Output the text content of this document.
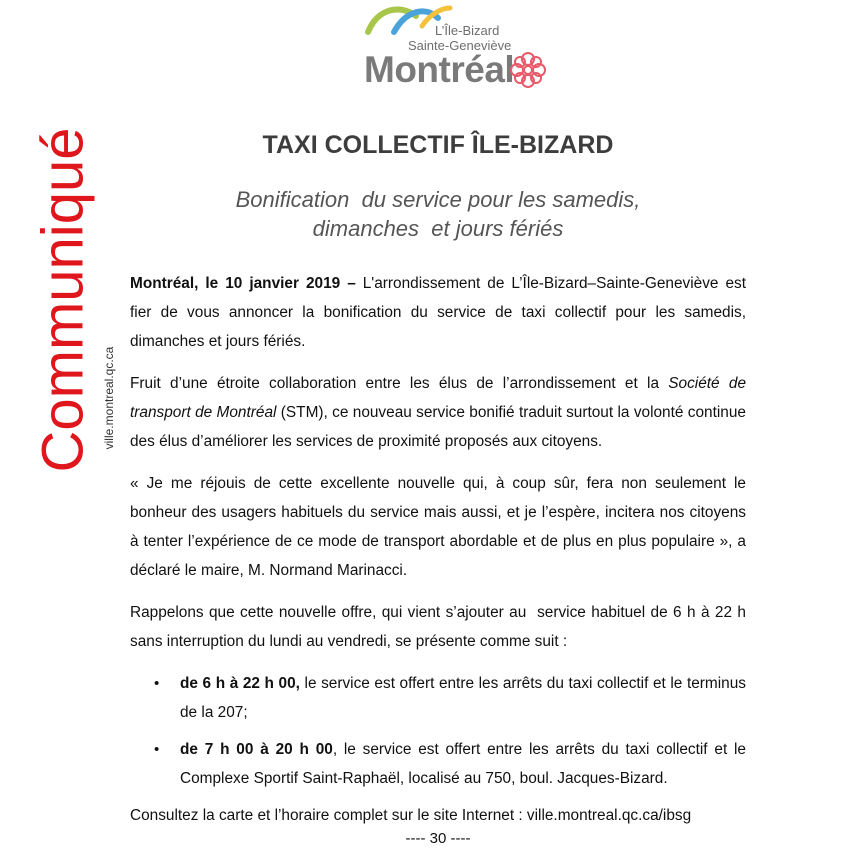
L’Île-Bizard
Sainte-Geneviève
Montréal
Communiqué ville.montreal.qc.ca
TAXI COLLECTIF ÎLE-BIZARD
Bonification  du service pour les samedis,
dimanches  et jours fériés

Montréal, le 10 janvier 2019 – L'arrondissement de L’Île-Bizard–Sainte-Geneviève est fier de vous annoncer la bonification du service de taxi collectif pour les samedis, dimanches et jours fériés.

Fruit d’une étroite collaboration entre les élus de l’arrondissement et la Société de transport de Montréal (STM), ce nouveau service bonifié traduit surtout la volonté continue des élus d’améliorer les services de proximité proposés aux citoyens.

« Je me réjouis de cette excellente nouvelle qui, à coup sûr, fera non seulement le bonheur des usagers habituels du service mais aussi, et je l’espère, incitera nos citoyens à tenter l’expérience de ce mode de transport abordable et de plus en plus populaire », a déclaré le maire, M. Normand Marinacci.

Rappelons que cette nouvelle offre, qui vient s’ajouter au  service habituel de 6 h à 22 h sans interruption du lundi au vendredi, se présente comme suit :

• de 6 h à 22 h 00, le service est offert entre les arrêts du taxi collectif et le terminus de la 207;
• de 7 h 00 à 20 h 00, le service est offert entre les arrêts du taxi collectif et le Complexe Sportif Saint-Raphaël, localisé au 750, boul. Jacques-Bizard.

Consultez la carte et l’horaire complet sur le site Internet : ville.montreal.qc.ca/ibsg

---- 30 ----
